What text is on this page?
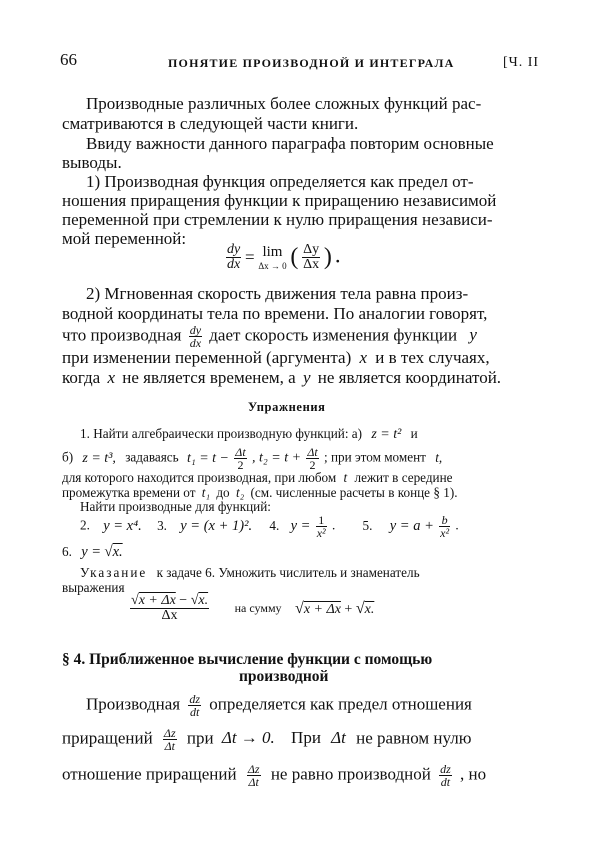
66	ПОНЯТИЕ ПРОИЗВОДНОЙ И ИНТЕГРАЛА	[Ч. II
Производные различных более сложных функций рас-
сматриваются в следующей части книги.
Ввиду важности данного параграфа повторим основные
выводы.
1) Производная функция определяется как предел от-
ношения приращения функции к приращению независимой
переменной при стремлении к нулю приращения независи-
мой переменной:
$\frac{dy}{dx} = \lim$
Δx → 0 ( $\frac{\Delta y}{\Delta x}$ ) .
2) Мгновенная скорость движения тела равна произ-
водной координаты тела по времени. По аналогии говорят,
что производная $\frac{dy}{dx}$ дает скорость изменения функции y
при изменении переменной (аргумента) x и в тех случаях,
когда x не является временем, а y не является координатой.
Упражнения
1. Найти алгебраически производную функций: а) z = t² и
б) z = t³, задаваясь $t_1 = t - \frac{\Delta t}{2}$ , $t_2 = t + \frac{\Delta t}{2}$ ; при этом момент t,
для которого находится производная, при любом t лежит в середине
промежутка времени от t₁ до t₂ (см. численные расчеты в конце § 1).
Найти производные для функций:
2. y = x⁴. 3. y = (x + 1)². 4. $y = \frac{1}{\text{x²}}$ . 5. $y = a + \frac{b}{\text{x²}}$ .
6. y = √x.
Указание к задаче 6. Умножить числитель и знаменатель
выражения
$\frac{√x + \Delta x - √x.}{\Delta x}$ на сумму √x + Δx + √x.
§ 4. Приближенное вычисление функции с помощью
производной
Производная $\frac{dz}{dt}$ определяется как предел отношения
приращений $\frac{\Delta z}{\Delta t}$ при Δt → 0. При Δt не равном нулю
отношение приращений $\frac{\Delta z}{\Delta t}$ не равно производной $\frac{dz}{dt}$ , но
